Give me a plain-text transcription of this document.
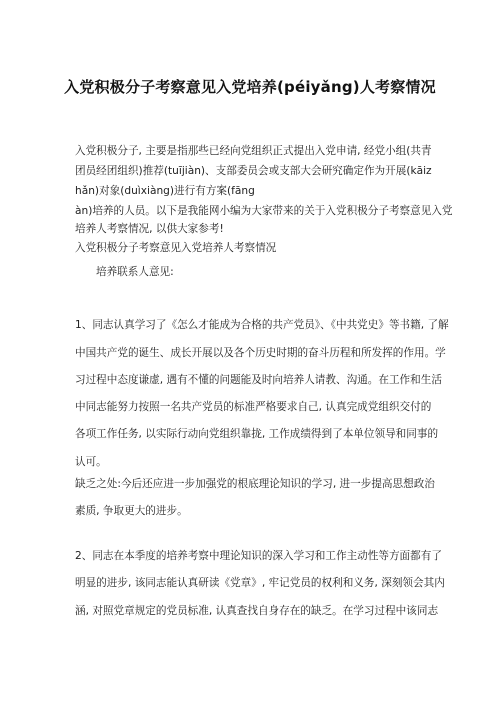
入党积极分子考察意见入党培养(péiyǎng)人考察情况
入党积极分子, 主要是指那些已经向党组织正式提出入党申请, 经党小组(共青
团员经团组织)推荐(tuījiàn)、支部委员会或支部大会研究确定作为开展(kāiz
hǎn)对象(duìxiàng)进行有方案(fāng
àn)培养的人员。以下是我能网小编为大家带来的关于入党积极分子考察意见入党
培养人考察情况, 以供大家参考!
入党积极分子考察意见入党培养人考察情况
培养联系人意见:
1、同志认真学习了《怎么才能成为合格的共产党员》、《中共党史》等书籍, 了解
中国共产党的诞生、成长开展以及各个历史时期的奋斗历程和所发挥的作用。学
习过程中态度谦虚, 遇有不懂的问题能及时向培养人请教、沟通。在工作和生活
中同志能努力按照一名共产党员的标准严格要求自己, 认真完成党组织交付的
各项工作任务, 以实际行动向党组织靠拢, 工作成绩得到了本单位领导和同事的
认可。
缺乏之处:今后还应进一步加强党的根底理论知识的学习, 进一步提高思想政治
素质, 争取更大的进步。
2、同志在本季度的培养考察中理论知识的深入学习和工作主动性等方面都有了
明显的进步, 该同志能认真研读《党章》, 牢记党员的权利和义务, 深刻领会其内
涵, 对照党章规定的党员标准, 认真查找自身存在的缺乏。在学习过程中该同志
